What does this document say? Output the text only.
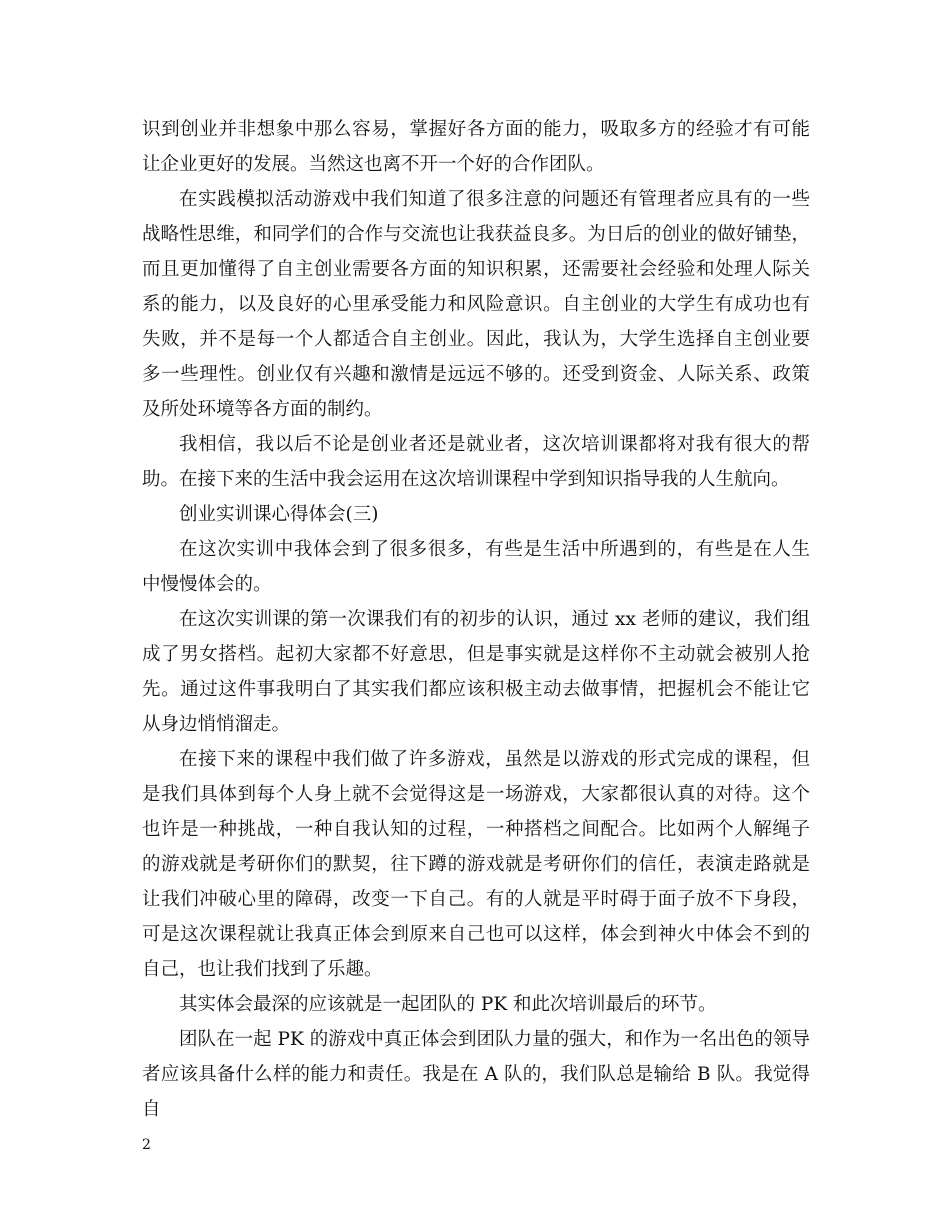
识到创业并非想象中那么容易，掌握好各方面的能力，吸取多方的经验才有可能
让企业更好的发展。当然这也离不开一个好的合作团队。
在实践模拟活动游戏中我们知道了很多注意的问题还有管理者应具有的一些
战略性思维，和同学们的合作与交流也让我获益良多。为日后的创业的做好铺垫，
而且更加懂得了自主创业需要各方面的知识积累，还需要社会经验和处理人际关
系的能力，以及良好的心里承受能力和风险意识。自主创业的大学生有成功也有
失败，并不是每一个人都适合自主创业。因此，我认为，大学生选择自主创业要
多一些理性。创业仅有兴趣和激情是远远不够的。还受到资金、人际关系、政策
及所处环境等各方面的制约。
我相信，我以后不论是创业者还是就业者，这次培训课都将对我有很大的帮
助。在接下来的生活中我会运用在这次培训课程中学到知识指导我的人生航向。
创业实训课心得体会(三)
在这次实训中我体会到了很多很多，有些是生活中所遇到的，有些是在人生
中慢慢体会的。
在这次实训课的第一次课我们有的初步的认识，通过 xx 老师的建议，我们组
成了男女搭档。起初大家都不好意思，但是事实就是这样你不主动就会被别人抢
先。通过这件事我明白了其实我们都应该积极主动去做事情，把握机会不能让它
从身边悄悄溜走。
在接下来的课程中我们做了许多游戏，虽然是以游戏的形式完成的课程，但
是我们具体到每个人身上就不会觉得这是一场游戏，大家都很认真的对待。这个
也许是一种挑战，一种自我认知的过程，一种搭档之间配合。比如两个人解绳子
的游戏就是考研你们的默契，往下蹲的游戏就是考研你们的信任，表演走路就是
让我们冲破心里的障碍，改变一下自己。有的人就是平时碍于面子放不下身段，
可是这次课程就让我真正体会到原来自己也可以这样，体会到神火中体会不到的
自己，也让我们找到了乐趣。
其实体会最深的应该就是一起团队的 PK 和此次培训最后的环节。
团队在一起 PK 的游戏中真正体会到团队力量的强大，和作为一名出色的领导
者应该具备什么样的能力和责任。我是在 A 队的，我们队总是输给 B 队。我觉得自
2
